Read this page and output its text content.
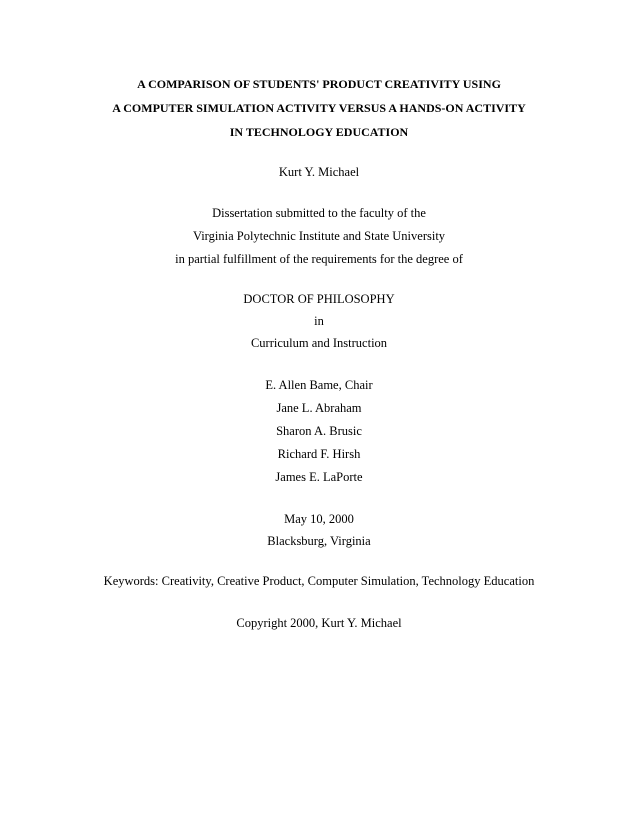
A COMPARISON OF STUDENTS' PRODUCT CREATIVITY USING
A COMPUTER SIMULATION ACTIVITY VERSUS A HANDS-ON ACTIVITY
IN TECHNOLOGY EDUCATION
Kurt Y. Michael
Dissertation submitted to the faculty of the
Virginia Polytechnic Institute and State University
in partial fulfillment of the requirements for the degree of
DOCTOR OF PHILOSOPHY
in
Curriculum and Instruction
E. Allen Bame, Chair
Jane L. Abraham
Sharon A. Brusic
Richard F. Hirsh
James E. LaPorte
May 10, 2000
Blacksburg, Virginia
Keywords: Creativity, Creative Product, Computer Simulation, Technology Education
Copyright 2000, Kurt Y. Michael
